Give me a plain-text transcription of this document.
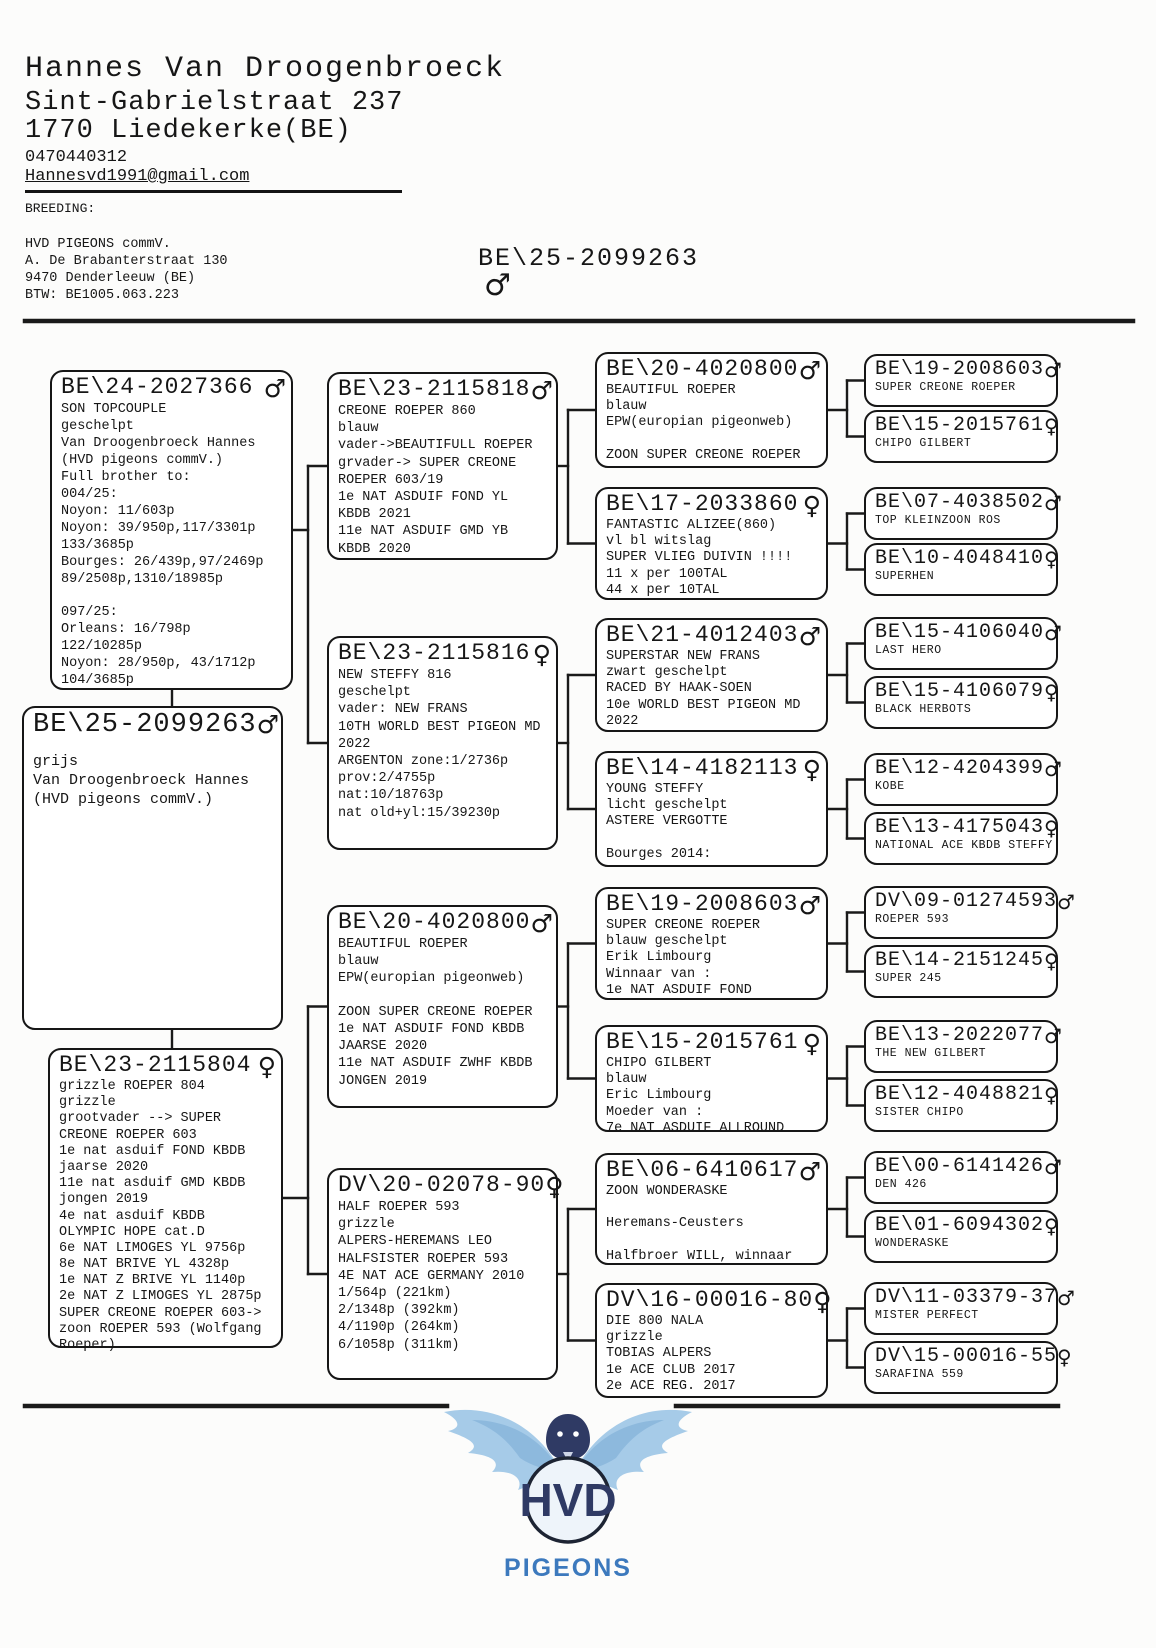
Hannes Van Droogenbroeck
Sint-Gabrielstraat 237
1770 Liedekerke(BE)
0470440312
Hannesvd1991@gmail.com
BREEDING:
HVD PIGEONS commV.
A. De Brabanterstraat 130
9470 Denderleeuw (BE)
BTW: BE1005.063.223
BE\25-2099263
♂
HVD
PIGEONS
BE\25-2099263 ♂
grijs
Van Droogenbroeck Hannes
(HVD pigeons commV.)
BE\24-2027366 ♂
SON TOPCOUPLE
geschelpt
Van Droogenbroeck Hannes
(HVD pigeons commV.)
Full brother to:
004/25:
Noyon: 11/603p
Noyon: 39/950p,117/3301p
133/3685p
Bourges: 26/439p,97/2469p
89/2508p,1310/18985p
097/25:
Orleans: 16/798p
122/10285p
Noyon: 28/950p, 43/1712p
104/3685p
BE\23-2115804 ♀
grizzle ROEPER 804
grizzle
grootvader --> SUPER
CREONE ROEPER 603
1e nat asduif FOND KBDB
jaarse 2020
11e nat asduif GMD KBDB
jongen 2019
4e nat asduif KBDB
OLYMPIC HOPE cat.D
6e NAT LIMOGES YL 9756p
8e NAT BRIVE YL 4328p
1e NAT Z BRIVE YL 1140p
2e NAT Z LIMOGES YL 2875p
SUPER CREONE ROEPER 603->
zoon ROEPER 593 (Wolfgang
Roeper)
BE\23-2115818 ♂
CREONE ROEPER 860
blauw
vader->BEAUTIFULL ROEPER
grvader-> SUPER CREONE
ROEPER 603/19
1e NAT ASDUIF FOND YL
KBDB 2021
11e NAT ASDUIF GMD YB
KBDB 2020
BE\23-2115816 ♀
NEW STEFFY 816
geschelpt
vader: NEW FRANS
10TH WORLD BEST PIGEON MD
2022
ARGENTON zone:1/2736p
prov:2/4755p
nat:10/18763p
nat old+yl:15/39230p
BE\20-4020800 ♂
BEAUTIFUL ROEPER
blauw
EPW(europian pigeonweb)
ZOON SUPER CREONE ROEPER
1e NAT ASDUIF FOND KBDB
JAARSE 2020
11e NAT ASDUIF ZWHF KBDB
JONGEN 2019
DV\20-02078-90 ♀
HALF ROEPER 593
grizzle
ALPERS-HEREMANS LEO
HALFSISTER ROEPER 593
4E NAT ACE GERMANY 2010
1/564p (221km)
2/1348p (392km)
4/1190p (264km)
6/1058p (311km)
BE\20-4020800 ♂
BEAUTIFUL ROEPER
blauw
EPW(europian pigeonweb)
ZOON SUPER CREONE ROEPER
BE\17-2033860 ♀
FANTASTIC ALIZEE(860)
vl bl witslag
SUPER VLIEG DUIVIN !!!!
11 x per 100TAL
44 x per 10TAL
BE\21-4012403 ♂
SUPERSTAR NEW FRANS
zwart geschelpt
RACED BY HAAK-SOEN
10e WORLD BEST PIGEON MD
2022
BE\14-4182113 ♀
YOUNG STEFFY
licht geschelpt
ASTERE VERGOTTE
Bourges 2014:
BE\19-2008603 ♂
SUPER CREONE ROEPER
blauw geschelpt
Erik Limbourg
Winnaar van :
1e NAT ASDUIF FOND
BE\15-2015761 ♀
CHIPO GILBERT
blauw
Eric Limbourg
Moeder van :
7e NAT ASDUIF ALLROUND
BE\06-6410617 ♂
ZOON WONDERASKE
Heremans-Ceusters
Halfbroer WILL, winnaar
DV\16-00016-80 ♀
DIE 800 NALA
grizzle
TOBIAS ALPERS
1e ACE CLUB 2017
2e ACE REG. 2017
BE\19-2008603 ♂
SUPER CREONE ROEPER
BE\15-2015761 ♀
CHIPO GILBERT
BE\07-4038502 ♂
TOP KLEINZOON ROS
BE\10-4048410 ♀
SUPERHEN
BE\15-4106040 ♂
LAST HERO
BE\15-4106079 ♀
BLACK HERBOTS
BE\12-4204399 ♂
KOBE
BE\13-4175043 ♀
NATIONAL ACE KBDB STEFFY
DV\09-01274593 ♂
ROEPER 593
BE\14-2151245 ♀
SUPER 245
BE\13-2022077 ♂
THE NEW GILBERT
BE\12-4048821 ♀
SISTER CHIPO
BE\00-6141426 ♂
DEN 426
BE\01-6094302 ♀
WONDERASKE
DV\11-03379-37 ♂
MISTER PERFECT
DV\15-00016-55 ♀
SARAFINA 559
